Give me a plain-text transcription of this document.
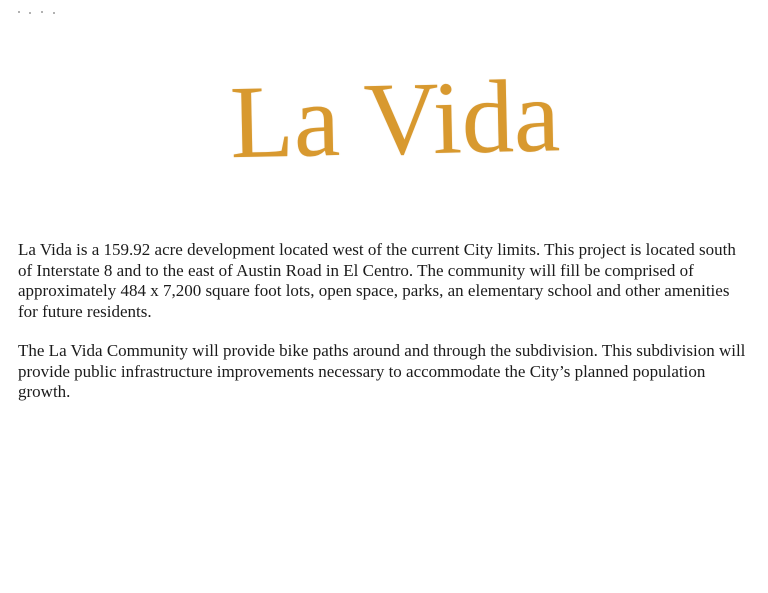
La Vida

La Vida is a 159.92 acre development located west of the current City limits. This project is located south of Interstate 8 and to the east of Austin Road in El Centro. The community will fill be comprised of approximately 484 x 7,200 square foot lots, open space, parks, an elementary school and other amenities for future residents.

The La Vida Community will provide bike paths around and through the subdivision. This subdivision will provide public infrastructure improvements necessary to accommodate the City’s planned population growth.
